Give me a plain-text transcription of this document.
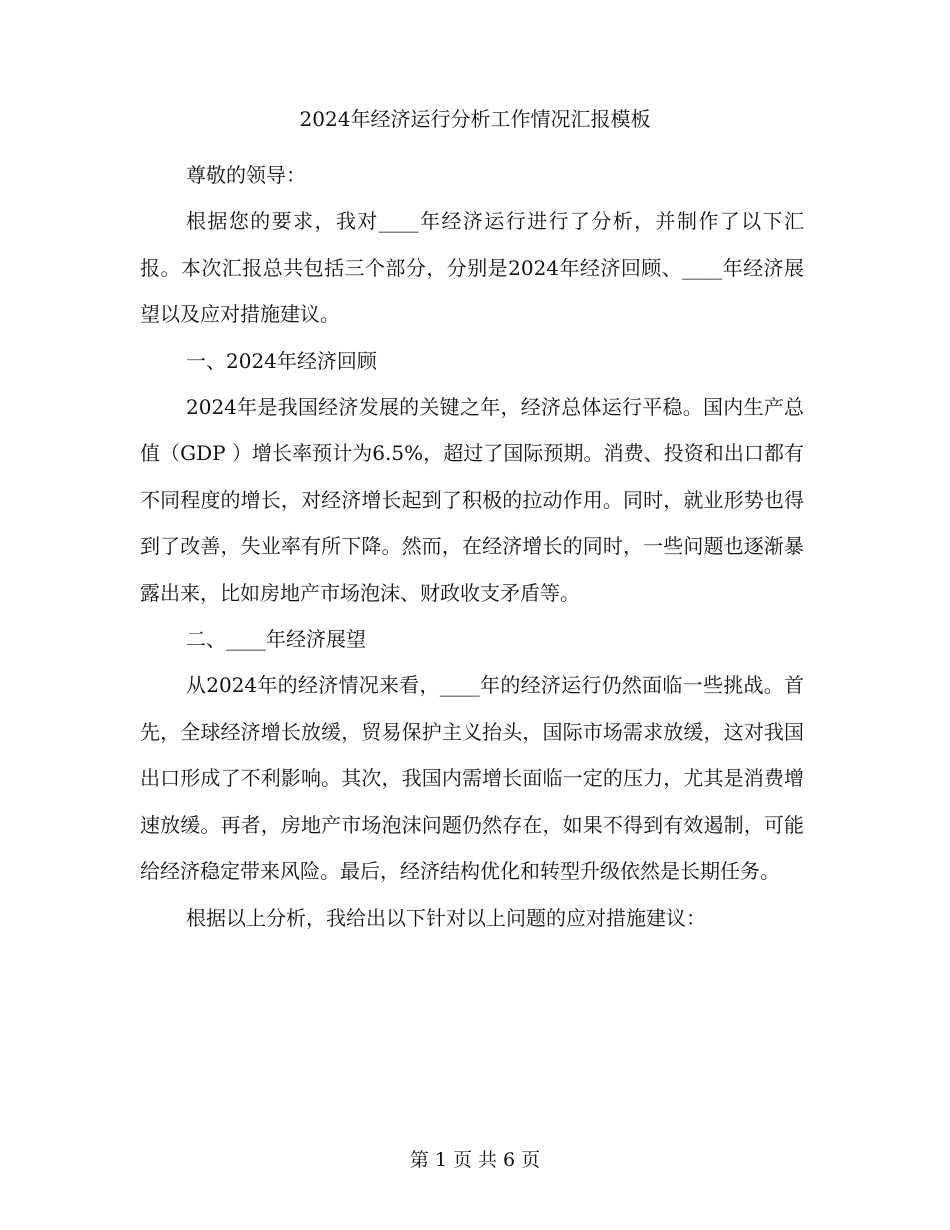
2024年经济运行分析工作情况汇报模板

尊敬的领导：

根据您的要求，我对____年经济运行进行了分析，并制作了以下汇报。本次汇报总共包括三个部分，分别是2024年经济回顾、____年经济展望以及应对措施建议。

一、2024年经济回顾

2024年是我国经济发展的关键之年，经济总体运行平稳。国内生产总值（GDP ）增长率预计为6.5%，超过了国际预期。消费、投资和出口都有不同程度的增长，对经济增长起到了积极的拉动作用。同时，就业形势也得到了改善，失业率有所下降。然而，在经济增长的同时，一些问题也逐渐暴露出来，比如房地产市场泡沫、财政收支矛盾等。

二、____年经济展望

从2024年的经济情况来看，____年的经济运行仍然面临一些挑战。首先，全球经济增长放缓，贸易保护主义抬头，国际市场需求放缓，这对我国出口形成了不利影响。其次，我国内需增长面临一定的压力，尤其是消费增速放缓。再者，房地产市场泡沫问题仍然存在，如果不得到有效遏制，可能给经济稳定带来风险。最后，经济结构优化和转型升级依然是长期任务。

根据以上分析，我给出以下针对以上问题的应对措施建议：

第 1 页 共 6 页
